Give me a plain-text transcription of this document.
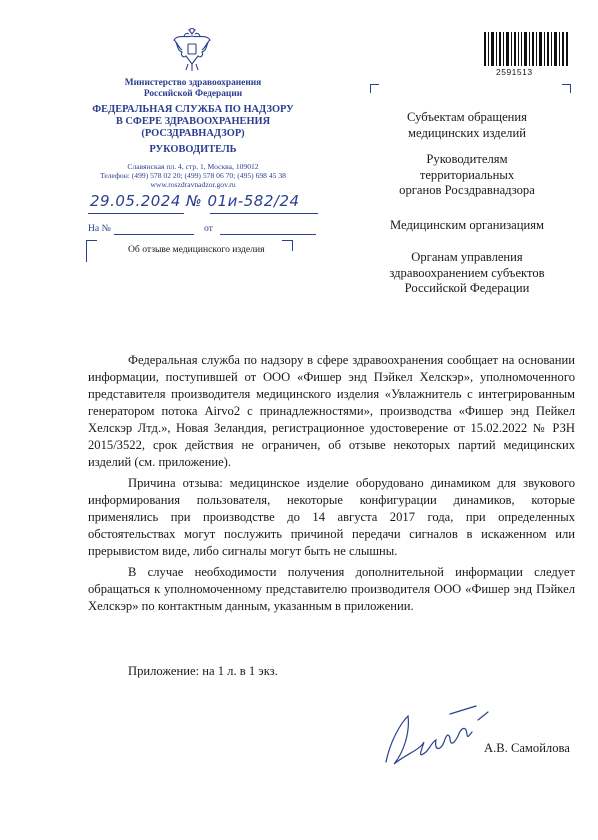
Министерство здравоохранения
Российской Федерации
ФЕДЕРАЛЬНАЯ СЛУЖБА ПО НАДЗОРУ
В СФЕРЕ ЗДРАВООХРАНЕНИЯ
(РОСЗДРАВНАДЗОР)
РУКОВОДИТЕЛЬ
Славянская пл. 4, стр. 1, Москва, 109012
Телефон: (499) 578 02 20; (499) 578 06 70; (495) 698 45 38
www.roszdravnadzor.gov.ru
29.05.2024 № 01и-582/24
На №	от
Об отзыве медицинского изделия
2591513
Субъектам обращения
медицинских изделий
Руководителям
территориальных
органов Росздравнадзора
Медицинским организациям
Органам управления
здравоохранением субъектов
Российской Федерации

Федеральная служба по надзору в сфере здравоохранения сообщает на основании информации, поступившей от ООО «Фишер энд Пэйкел Хелскэр», уполномоченного представителя производителя медицинского изделия «Увлажнитель с интегрированным генератором потока Airvo2 с принадлежностями», производства «Фишер энд Пейкел Хелскэр Лтд.», Новая Зеландия, регистрационное удостоверение от 15.02.2022 № РЗН 2015/3522, срок действия не ограничен, об отзыве некоторых партий медицинских изделий (см. приложение).

Причина отзыва: медицинское изделие оборудовано динамиком для звукового информирования пользователя, некоторые конфигурации динамиков, которые применялись при производстве до 14 августа 2017 года, при определенных обстоятельствах могут послужить причиной передачи сигналов в искаженном или прерывистом виде, либо сигналы могут быть не слышны.

В случае необходимости получения дополнительной информации следует обращаться к уполномоченному представителю производителя ООО «Фишер энд Пэйкел Хелскэр» по контактным данным, указанным в приложении.

Приложение: на 1 л. в 1 экз.
А.В. Самойлова
